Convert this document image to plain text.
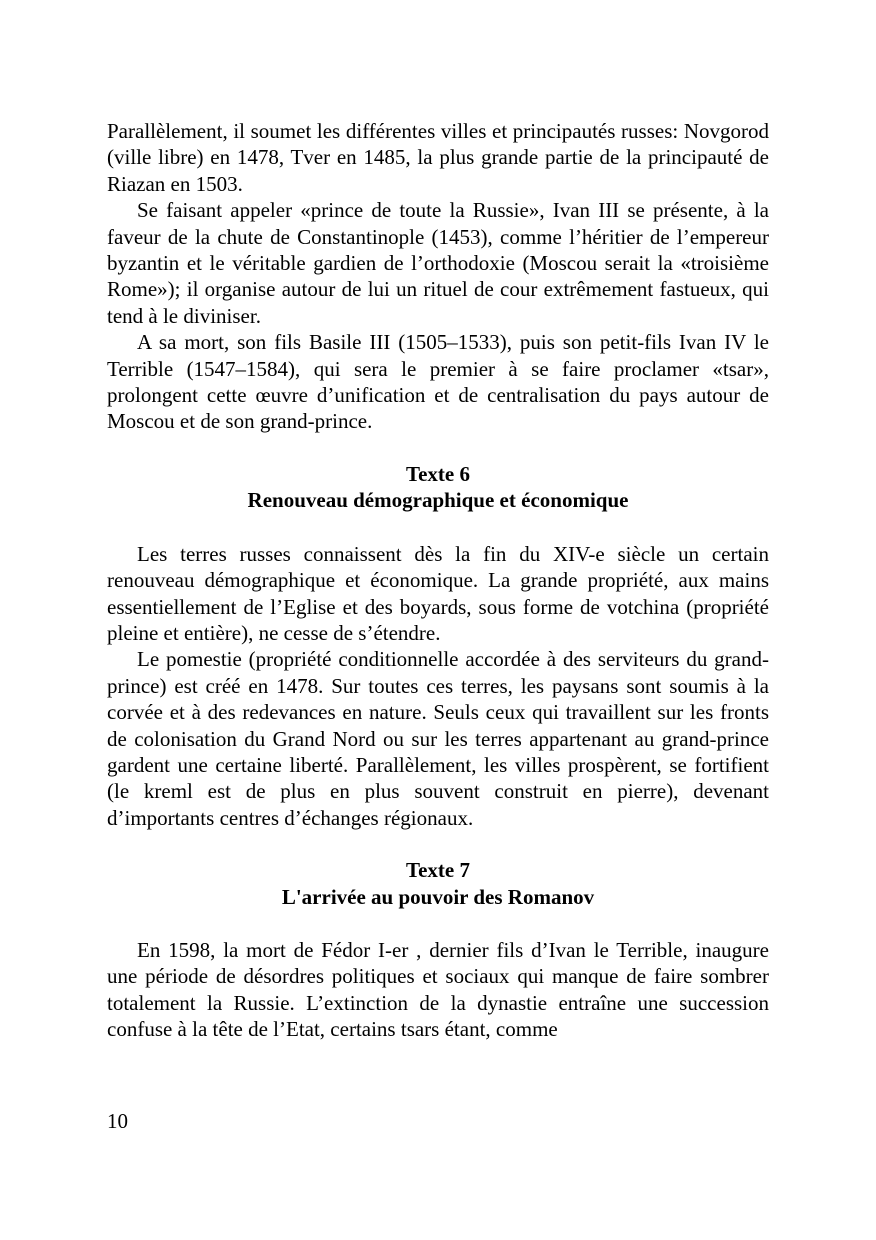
Parallèlement, il soumet les différentes villes et principautés russes: Novgorod (ville libre) en 1478, Tver en 1485, la plus grande partie de la principauté de Riazan en 1503.

Se faisant appeler «prince de toute la Russie», Ivan III se présente, à la faveur de la chute de Constantinople (1453), comme l’héritier de l’empereur byzantin et le véritable gardien de l’orthodoxie (Moscou serait la «troisième Rome»); il organise autour de lui un rituel de cour extrêmement fastueux, qui tend à le diviniser.

A sa mort, son fils Basile III (1505–1533), puis son petit-fils Ivan IV le Terrible (1547–1584), qui sera le premier à se faire proclamer «tsar», prolongent cette œuvre d’unification et de centralisation du pays autour de Moscou et de son grand-prince.

Texte 6
Renouveau démographique et économique

Les terres russes connaissent dès la fin du XIV-e siècle un certain renouveau démographique et économique. La grande propriété, aux mains essentiellement de l’Eglise et des boyards, sous forme de votchina (propriété pleine et entière), ne cesse de s’étendre.

Le pomestie (propriété conditionnelle accordée à des serviteurs du grand-prince) est créé en 1478. Sur toutes ces terres, les paysans sont soumis à la corvée et à des redevances en nature. Seuls ceux qui travaillent sur les fronts de colonisation du Grand Nord ou sur les terres appartenant au grand-prince gardent une certaine liberté. Parallèlement, les villes prospèrent, se fortifient (le kreml est de plus en plus souvent construit en pierre), devenant d’importants centres d’échanges régionaux.

Texte 7
L'arrivée au pouvoir des Romanov

En 1598, la mort de Fédor I-er , dernier fils d’Ivan le Terrible, inaugure une période de désordres politiques et sociaux qui manque de faire sombrer totalement la Russie. L’extinction de la dynastie entraîne une succession confuse à la tête de l’Etat, certains tsars étant, comme

10
